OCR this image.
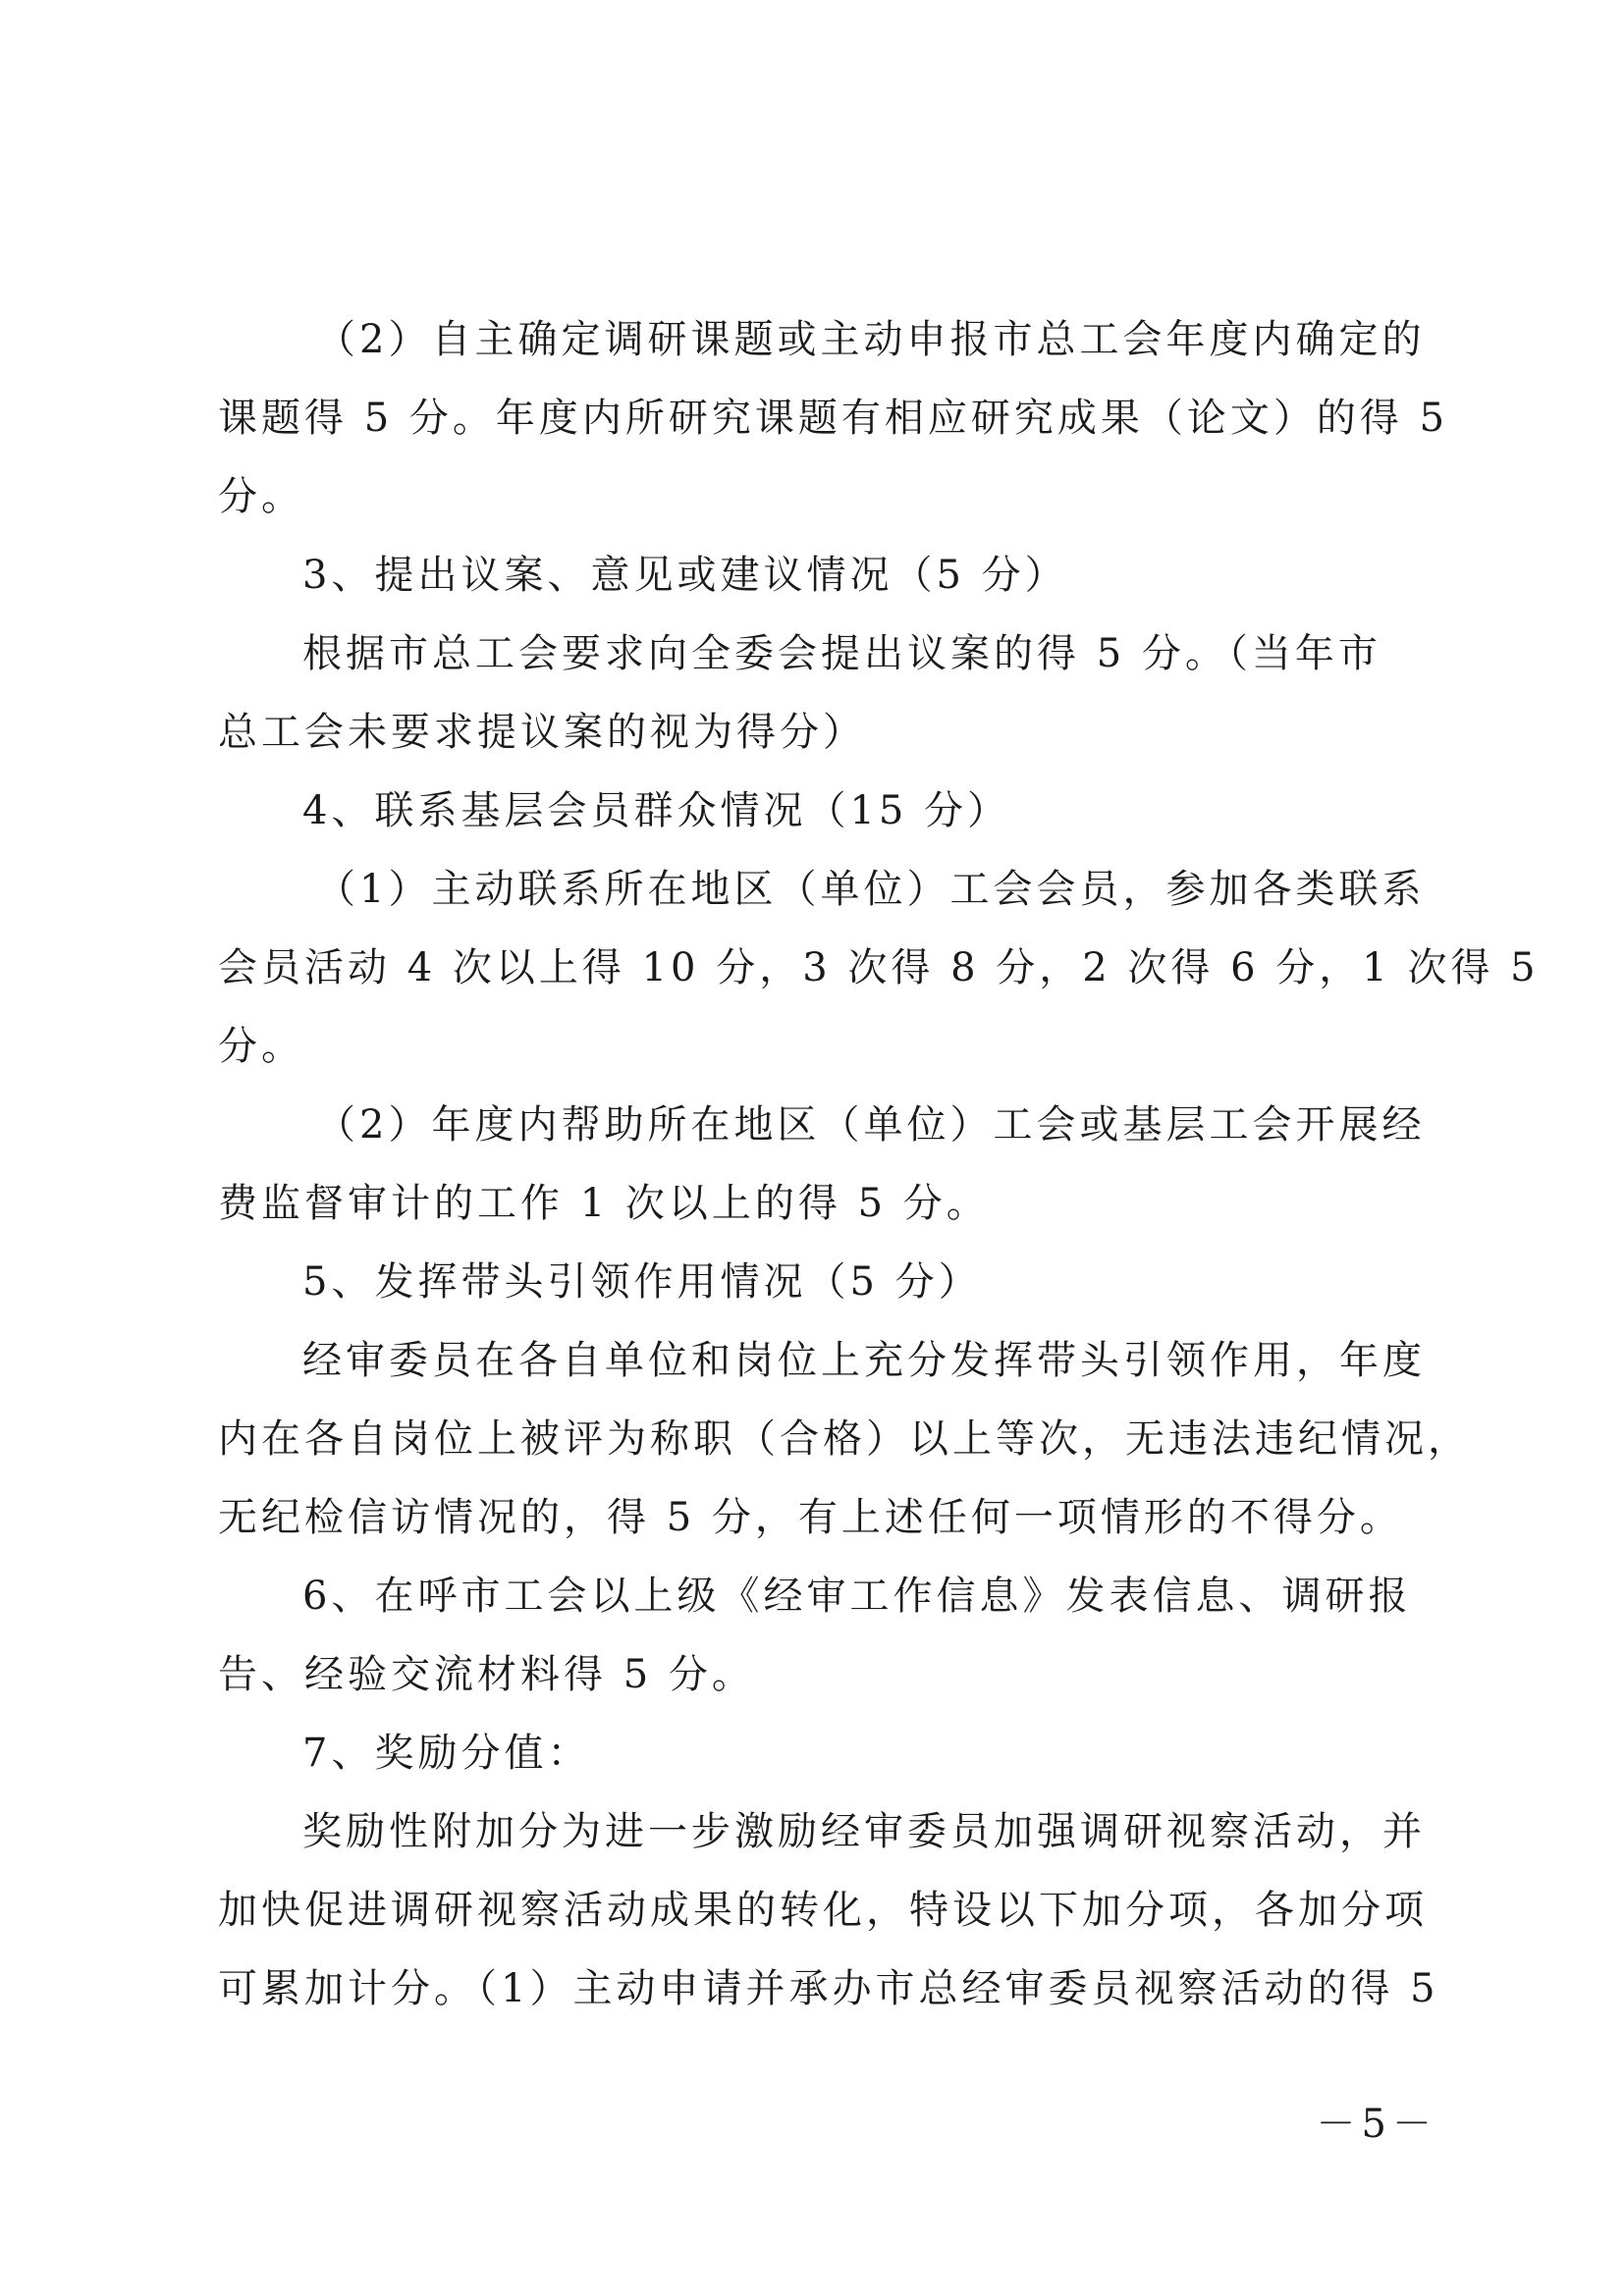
（2）自主确定调研课题或主动申报市总工会年度内确定的
课题得 5 分。年度内所研究课题有相应研究成果（论文）的得 5
分。
3、提出议案、意见或建议情况（5 分）
根据市总工会要求向全委会提出议案的得 5 分。（当年市
总工会未要求提议案的视为得分）
4、联系基层会员群众情况（15 分）
（1）主动联系所在地区（单位）工会会员，参加各类联系
会员活动 4 次以上得 10 分，3 次得 8 分，2 次得 6 分，1 次得 5
分。
（2）年度内帮助所在地区（单位）工会或基层工会开展经
费监督审计的工作 1 次以上的得 5 分。
5、发挥带头引领作用情况（5 分）
经审委员在各自单位和岗位上充分发挥带头引领作用，年度
内在各自岗位上被评为称职（合格）以上等次，无违法违纪情况，
无纪检信访情况的，得 5 分，有上述任何一项情形的不得分。
6、在呼市工会以上级《经审工作信息》发表信息、调研报
告、经验交流材料得 5 分。
7、奖励分值：
奖励性附加分为进一步激励经审委员加强调研视察活动，并
加快促进调研视察活动成果的转化，特设以下加分项，各加分项
可累加计分。（1）主动申请并承办市总经审委员视察活动的得 5
－5－
